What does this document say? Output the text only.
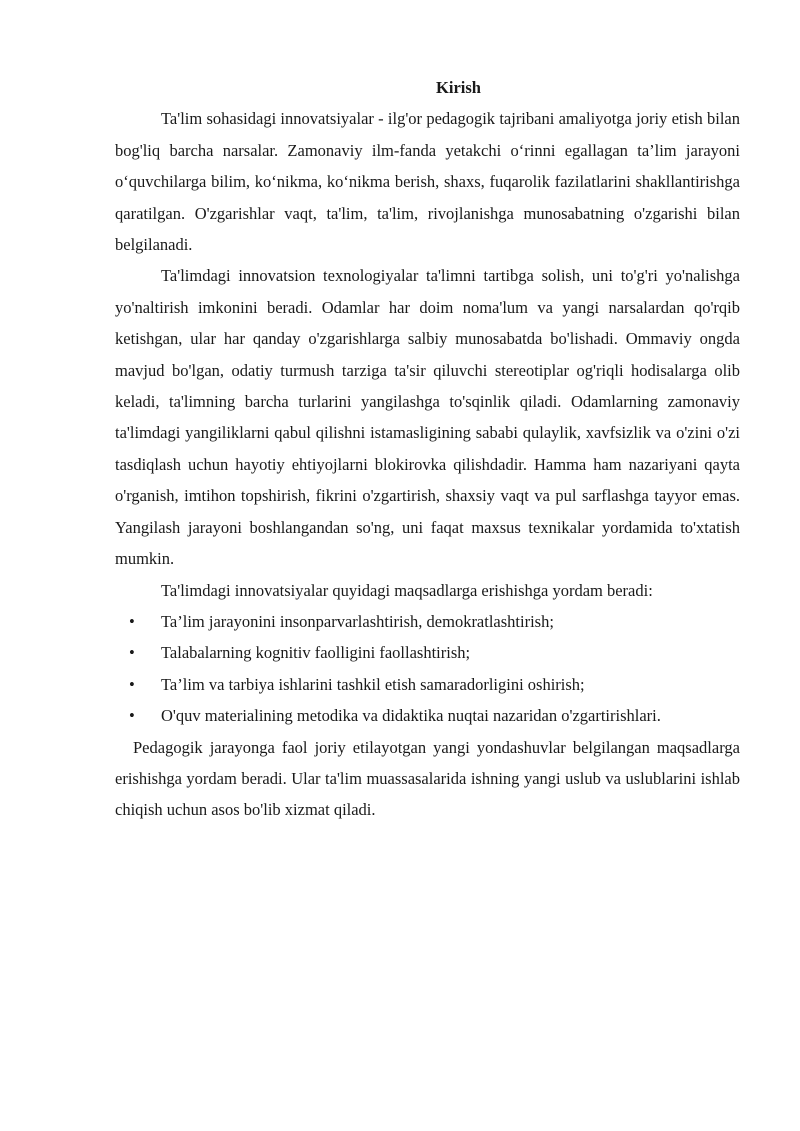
Kirish

Ta'lim sohasidagi innovatsiyalar - ilg'or pedagogik tajribani amaliyotga joriy etish bilan bog'liq barcha narsalar. Zamonaviy ilm-fanda yetakchi oʻrinni egallagan ta’lim jarayoni oʻquvchilarga bilim, koʻnikma, koʻnikma berish, shaxs, fuqarolik fazilatlarini shakllantirishga qaratilgan. O'zgarishlar vaqt, ta'lim, ta'lim, rivojlanishga munosabatning o'zgarishi bilan belgilanadi.

Ta'limdagi innovatsion texnologiyalar ta'limni tartibga solish, uni to'g'ri yo'nalishga yo'naltirish imkonini beradi. Odamlar har doim noma'lum va yangi narsalardan qo'rqib ketishgan, ular har qanday o'zgarishlarga salbiy munosabatda bo'lishadi. Ommaviy ongda mavjud bo'lgan, odatiy turmush tarziga ta'sir qiluvchi stereotiplar og'riqli hodisalarga olib keladi, ta'limning barcha turlarini yangilashga to'sqinlik qiladi. Odamlarning zamonaviy ta'limdagi yangiliklarni qabul qilishni istamasligining sababi qulaylik, xavfsizlik va o'zini o'zi tasdiqlash uchun hayotiy ehtiyojlarni blokirovka qilishdadir. Hamma ham nazariyani qayta o'rganish, imtihon topshirish, fikrini o'zgartirish, shaxsiy vaqt va pul sarflashga tayyor emas. Yangilash jarayoni boshlangandan so'ng, uni faqat maxsus texnikalar yordamida to'xtatish mumkin.

Ta'limdagi innovatsiyalar quyidagi maqsadlarga erishishga yordam beradi:

• Ta’lim jarayonini insonparvarlashtirish, demokratlashtirish;
• Talabalarning kognitiv faolligini faollashtirish;
• Ta’lim va tarbiya ishlarini tashkil etish samaradorligini oshirish;
• O'quv materialining metodika va didaktika nuqtai nazaridan o'zgartirishlari.

Pedagogik jarayonga faol joriy etilayotgan yangi yondashuvlar belgilangan maqsadlarga erishishga yordam beradi. Ular ta'lim muassasalarida ishning yangi uslub va uslublarini ishlab chiqish uchun asos bo'lib xizmat qiladi.
